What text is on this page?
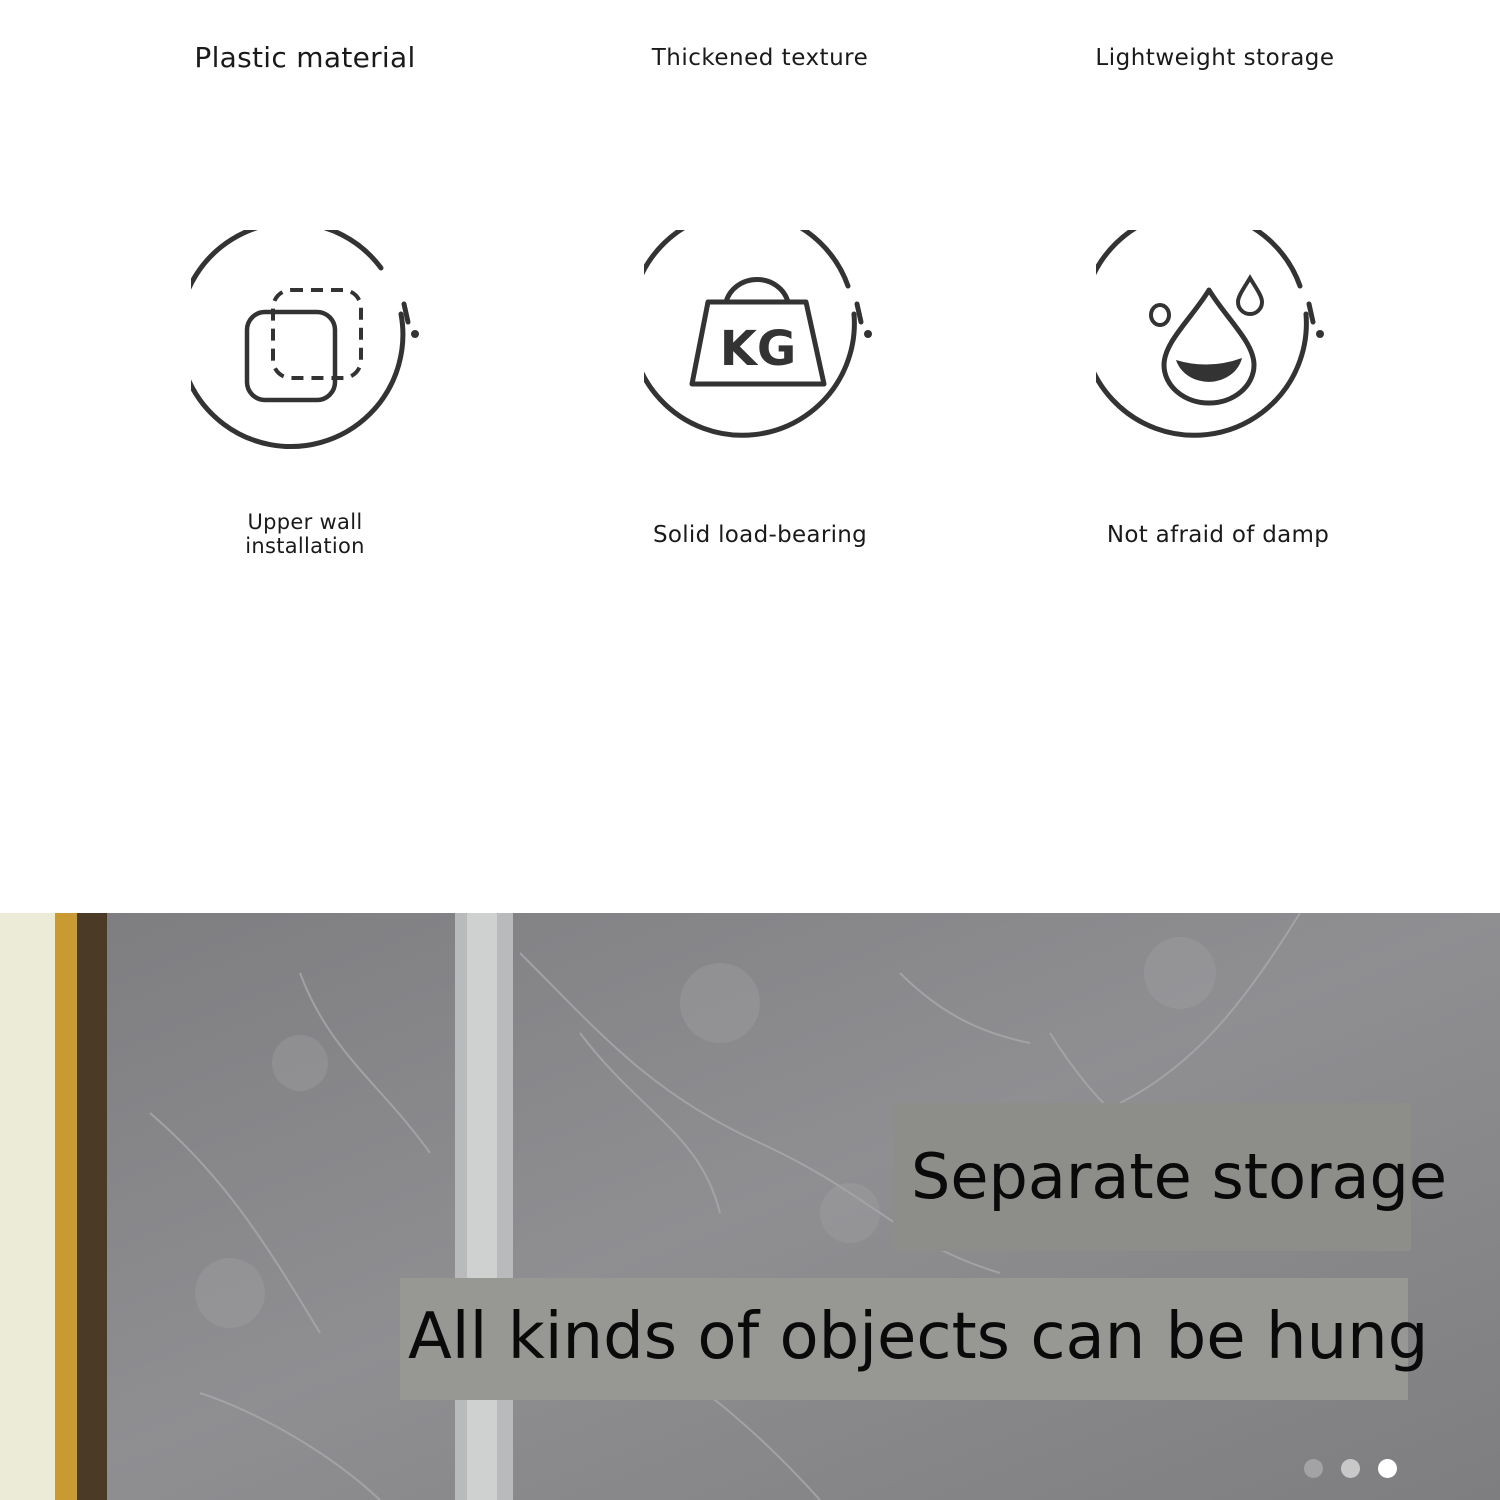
Plastic material	Thickened texture	Lightweight storage
KG
Upper wall
installation	Solid load-bearing	Not afraid of damp
Separate storage
All kinds of objects can be hung
